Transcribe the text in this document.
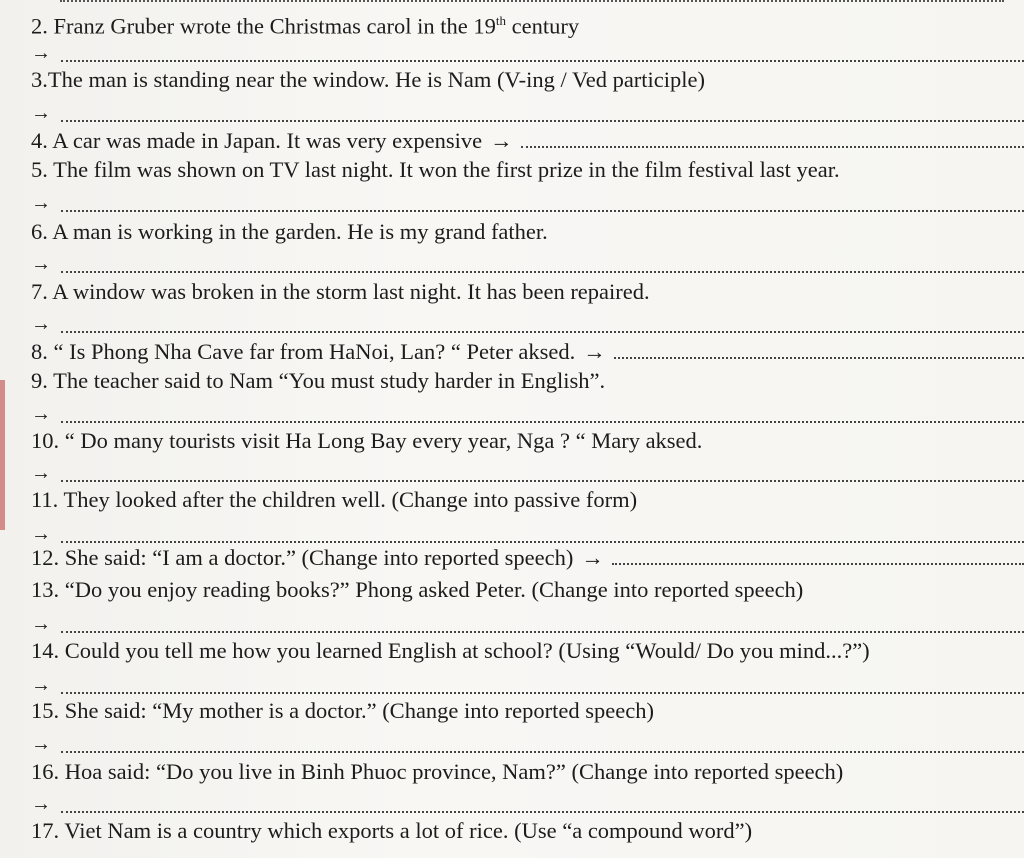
2. Franz Gruber wrote the Christmas carol in the 19th century
→
3.The man is standing near the window. He is Nam (V-ing / Ved participle)
→
4. A car was made in Japan. It was very expensive →
5. The film was shown on TV last night. It won the first prize in the film festival last year.
→
6. A man is working in the garden. He is my grand father.
→
7. A window was broken in the storm last night. It has been repaired.
→
8. “ Is Phong Nha Cave far from HaNoi, Lan? “ Peter aksed. →
9. The teacher said to Nam “You must study harder in English”.
→
10. “ Do many tourists visit Ha Long Bay every year, Nga ? “ Mary aksed.
→
11. They looked after the children well. (Change into passive form)
→
12. She said: “I am a doctor.” (Change into reported speech) →
13. “Do you enjoy reading books?” Phong asked Peter. (Change into reported speech)
→
14. Could you tell me how you learned English at school? (Using “Would/ Do you mind...?”)
→
15. She said: “My mother is a doctor.” (Change into reported speech)
→
16. Hoa said: “Do you live in Binh Phuoc province, Nam?” (Change into reported speech)
→
17. Viet Nam is a country which exports a lot of rice. (Use “a compound word”)
